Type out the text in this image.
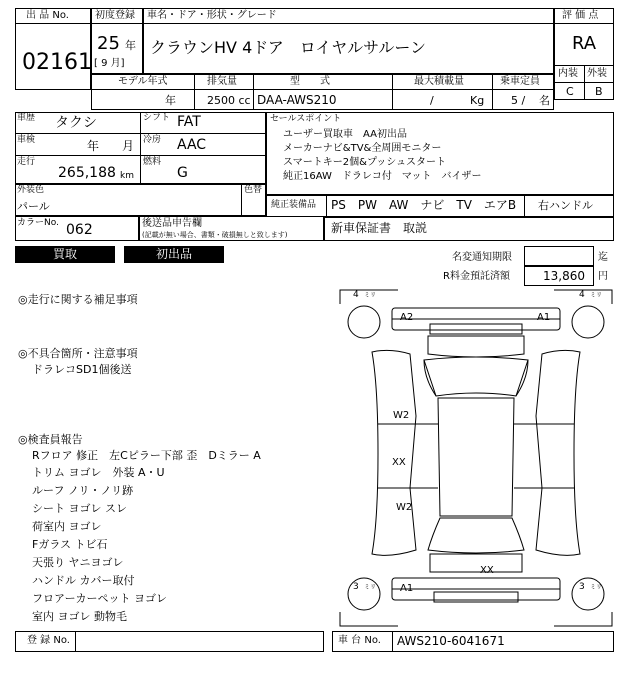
出 品 No.
02161
初度登録
25 年
[ 9 月]
車名・ドア・形状・グレード
クラウンHV 4ドア　ロイヤルサルーン
評 価 点
RA
内装 外装
C B
モデル年式	排気量	型　　式	最大積載量	乗車定員
年	2500 cc DAA-AWS210	/	Kg 5 / 名
車歴 タクシ	シフト FAT
車検	年 月 冷房 AAC
走行
265,188 km
燃料
G
外装色
パール
色替
カラーNo. 062	後送品申告欄
(記載が無い場合、書類・破損無しと致します)
セールスポイント
ユーザー買取車　AA初出品
メーカーナビ&TV&全周囲モニター
スマートキー2個&プッシュスタート
純正16AW　ドラレコ付　マット　バイザー
純正装備品 PS　PW　AW　ナビ　TV　エアB 右ハンドル
新車保証書　取説
買取	初出品	名変通知期限	迄
R料金預託済額	13,860 円
◎走行に関する補足事項
◎不具合箇所・注意事項
ドラレコSD1個後送
◎検査員報告
Rフロア 修正　左Cピラー下部 歪　Dミラー A
トリム ヨゴレ　外装 A・U
ルーフ ノリ・ノリ跡
シート ヨゴレ スレ
荷室内 ヨゴレ
Fガラス トビ石
天張り ヤニヨゴレ
ハンドル カバー取付
フロアーカーペット ヨゴレ
室内 ヨゴレ 動物毛
4 ミリ	4 ミリ
3 ミリ	3 ミリ
A2	A1
W2
XX
W2
XX
A1
登 録 No.	車 台 No. AWS210-6041671
